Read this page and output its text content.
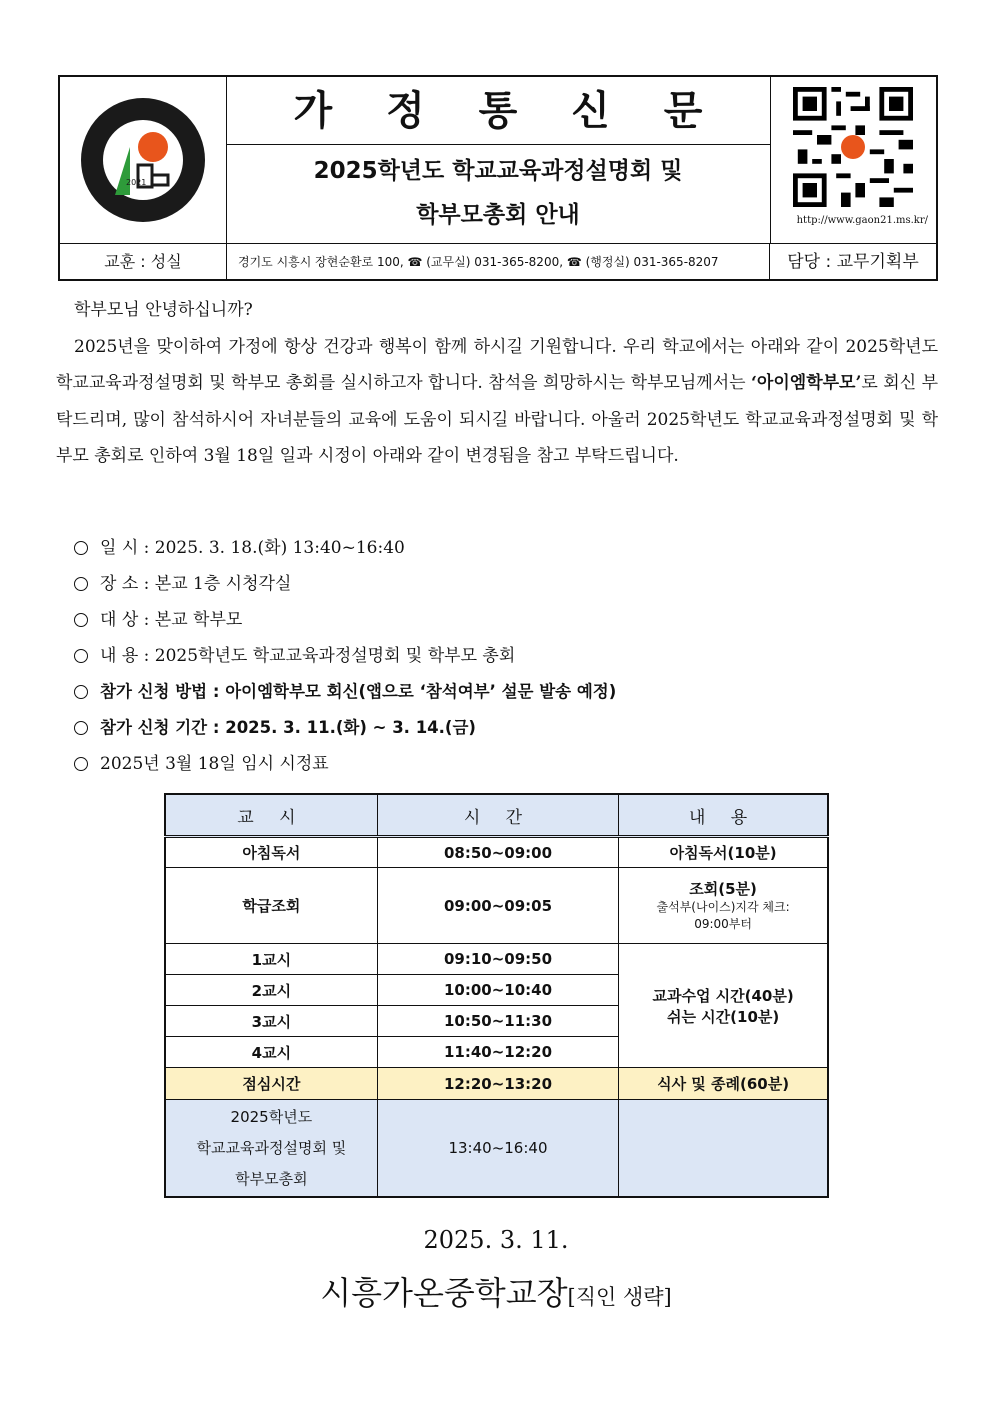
2021
가 정 통 신 문
2025학년도 학교교육과정설명회 및
학부모총회 안내	http://www.gaon21.ms.kr/
교훈 : 성실	경기도 시흥시 장현순환로 100, ☎ (교무실) 031-365-8200, ☎ (행정실) 031-365-8207	담당 : 교무기획부

학부모님 안녕하십니까?

2025년을 맞이하여 가정에 항상 건강과 행복이 함께 하시길 기원합니다. 우리 학교에서는 아래와 같이 2025학년도 학교교육과정설명회 및 학부모 총회를 실시하고자 합니다. 참석을 희망하시는 학부모님께서는 ‘아이엠학부모’로 회신 부탁드리며, 많이 참석하시어 자녀분들의 교육에 도움이 되시길 바랍니다. 아울러 2025학년도 학교교육과정설명회 및 학부모 총회로 인하여 3월 18일 일과 시정이 아래와 같이 변경됨을 참고 부탁드립니다.

일 시 : 2025. 3. 18.(화) 13:40~16:40
장 소 : 본교 1층 시청각실
대 상 : 본교 학부모
내 용 : 2025학년도 학교교육과정설명회 및 학부모 총회
참가 신청 방법 : 아이엠학부모 회신(앱으로 ‘참석여부’ 설문 발송 예정)
참가 신청 기간 : 2025. 3. 11.(화) ~ 3. 14.(금)
2025년 3월 18일 임시 시정표
교 시	시 간	내 용
아침독서	08:50~09:00	아침독서(10분)
학급조회	09:00~09:05	조회(5분)
출석부(나이스)지각 체크:
09:00부터

1교시	09:10~09:50	교과수업 시간(40분)
쉬는 시간(10분)

2교시	10:00~10:40	
3교시	10:50~11:30	
4교시	11:40~12:20	
점심시간	12:20~13:20	식사 및 종례(60분)

2025학년도
학교교육과정설명회 및
학부모총회	13:40~16:40	
2025. 3. 11.
시흥가온중학교장[직인 생략]
